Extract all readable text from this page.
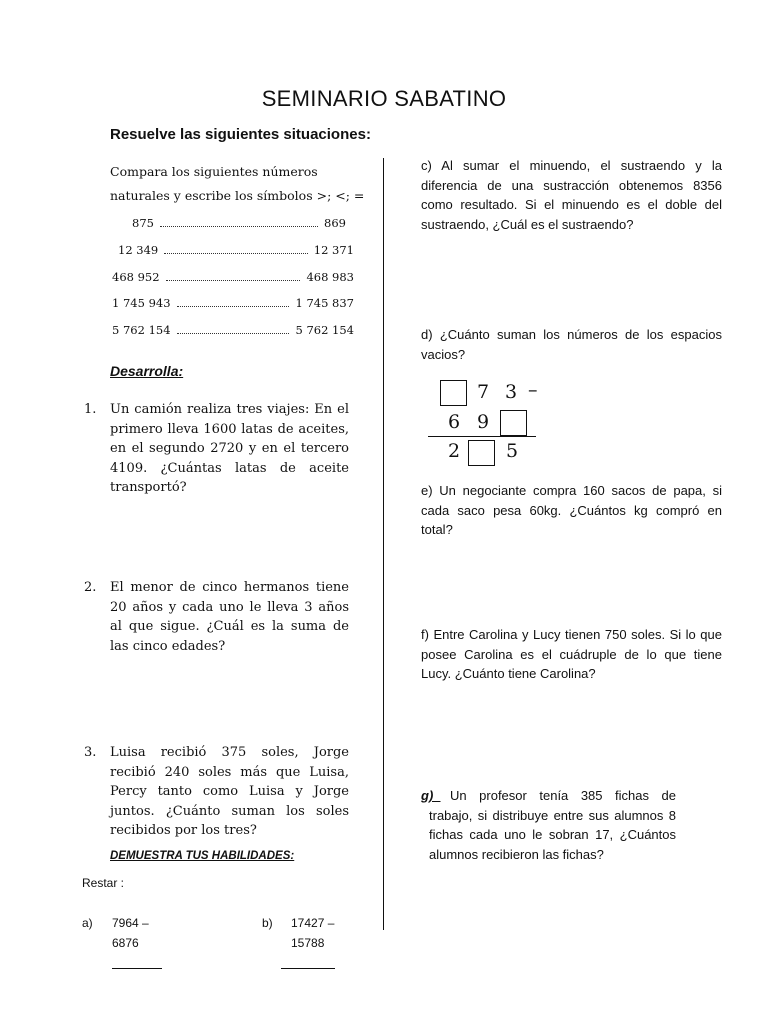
SEMINARIO SABATINO
Resuelve las siguientes situaciones:
Compara los siguientes números
naturales y escribe los símbolos >; <; =
875	869
12 349	12 371
468 952	468 983
1 745 943	1 745 837
5 762 154	5 762 154
Desarrolla:
1. Un camión realiza tres viajes: En el primero lleva 1600 latas de aceites, en el segundo 2720 y en el tercero 4109. ¿Cuántas latas de aceite transportó?
2. El menor de cinco hermanos tiene 20 años y cada uno le lleva 3 años al que sigue. ¿Cuál es la suma de las cinco edades?
3. Luisa recibió 375 soles, Jorge recibió 240 soles más que Luisa, Percy tanto como Luisa y Jorge juntos. ¿Cuánto suman los soles recibidos por los tres?
DEMUESTRA TUS HABILIDADES:
Restar :
a) 7964 –
6876
b) 17427 –
15788
c) Al sumar el minuendo, el sustraendo y la diferencia de una sustracción obtenemos 8356 como resultado. Si el minuendo es el doble del sustraendo, ¿Cuál es el sustraendo?
d) ¿Cuánto suman los números de los espacios vacios?
7 3 –
6 9
2 5
e) Un negociante compra 160 sacos de papa, si cada saco pesa 60kg. ¿Cuántos kg compró en total?
f) Entre Carolina y Lucy tienen 750 soles. Si lo que posee Carolina es el cuádruple de lo que tiene Lucy. ¿Cuánto tiene Carolina?
g)_ Un profesor tenía 385 fichas de trabajo, si distribuye entre sus alumnos 8 fichas cada uno le sobran 17, ¿Cuántos alumnos recibieron las fichas?
